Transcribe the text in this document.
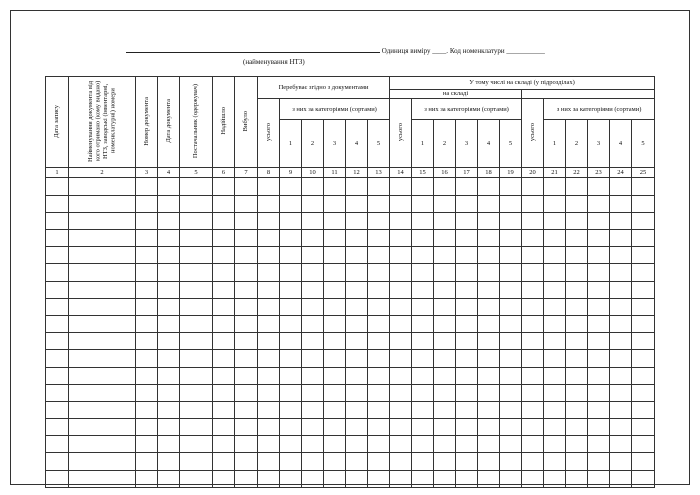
Одиниця виміру ____. Код номенклатури ___________
(найменування НТЗ)
Дата запису	Найменування документа від кого отримано (кому видано) НТЗ, заводські (інвентарні, номенклатурні) номери	Номер документа	Дата документа	Постачальник (одержувач)	Надійшло	Вибуло	Перебуває згідно з документами						У тому числі на складі (у підрозділах)											
													на складі											
							усього	з них за категоріями (сортами)					усього	з них за категоріями (сортами)					усього	з них за категоріями (сортами)				
								1	2	3	4	5		1	2	3	4	5		1	2	3	4	5
1	2	3	4	5	6	7	8	9	10	11	12	13	14	15	16	17	18	19	20	21	22	23	24	25
